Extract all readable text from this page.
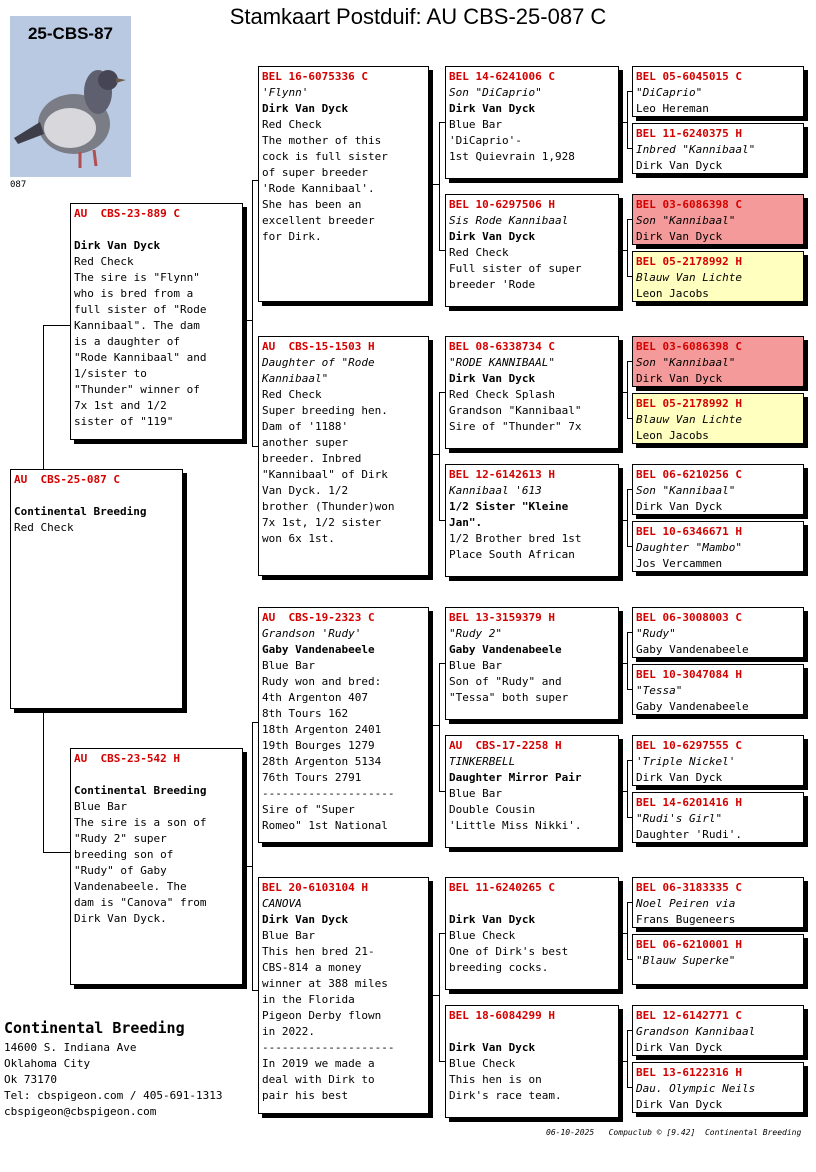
Stamkaart Postduif: AU CBS-25-087 C
25-CBS-87
087
AU  CBS-25-087 C
Continental Breeding
Red Check
AU  CBS-23-889 C
Dirk Van Dyck
Red Check
The sire is "Flynn"
who is bred from a
full sister of "Rode
Kannibaal". The dam
is a daughter of
"Rode Kannibaal" and
1/sister to
"Thunder" winner of
7x 1st and 1/2
sister of "119"
AU  CBS-23-542 H
Continental Breeding
Blue Bar
The sire is a son of
"Rudy 2" super
breeding son of
"Rudy" of Gaby
Vandenabeele. The
dam is "Canova" from
Dirk Van Dyck.
BEL 16-6075336 C
'Flynn'
Dirk Van Dyck
Red Check
The mother of this
cock is full sister
of super breeder
'Rode Kannibaal'.
She has been an
excellent breeder
for Dirk.
AU  CBS-15-1503 H
Daughter of "Rode
Kannibaal"
Red Check
Super breeding hen.
Dam of '1188'
another super
breeder. Inbred
"Kannibaal" of Dirk
Van Dyck. 1/2
brother (Thunder)won
7x 1st, 1/2 sister
won 6x 1st.
AU  CBS-19-2323 C
Grandson 'Rudy'
Gaby Vandenabeele
Blue Bar
Rudy won and bred:
4th Argenton 407
8th Tours 162
18th Argenton 2401
19th Bourges 1279
28th Argenton 5134
76th Tours 2791
--------------------
Sire of "Super
Romeo" 1st National
BEL 20-6103104 H
CANOVA
Dirk Van Dyck
Blue Bar
This hen bred 21-
CBS-814 a money
winner at 388 miles
in the Florida
Pigeon Derby flown
in 2022.
--------------------
In 2019 we made a
deal with Dirk to
pair his best
BEL 14-6241006 C
Son "DiCaprio"
Dirk Van Dyck
Blue Bar
'DiCaprio'-
1st Quievrain 1,928
BEL 10-6297506 H
Sis Rode Kannibaal
Dirk Van Dyck
Red Check
Full sister of super
breeder 'Rode
BEL 08-6338734 C
"RODE KANNIBAAL"
Dirk Van Dyck
Red Check Splash
Grandson "Kannibaal"
Sire of "Thunder" 7x
BEL 12-6142613 H
Kannibaal '613
1/2 Sister "Kleine
Jan".
1/2 Brother bred 1st
Place South African
BEL 13-3159379 H
"Rudy 2"
Gaby Vandenabeele
Blue Bar
Son of "Rudy" and
"Tessa" both super
AU  CBS-17-2258 H
TINKERBELL
Daughter Mirror Pair
Blue Bar
Double Cousin
'Little Miss Nikki'.
BEL 11-6240265 C
Dirk Van Dyck
Blue Check
One of Dirk's best
breeding cocks.
BEL 18-6084299 H
Dirk Van Dyck
Blue Check
This hen is on
Dirk's race team.
BEL 05-6045015 C
"DiCaprio"
Leo Hereman
BEL 11-6240375 H
Inbred "Kannibaal"
Dirk Van Dyck
BEL 03-6086398 C
Son "Kannibaal"
Dirk Van Dyck
BEL 05-2178992 H
Blauw Van Lichte
Leon Jacobs
BEL 03-6086398 C
Son "Kannibaal"
Dirk Van Dyck
BEL 05-2178992 H
Blauw Van Lichte
Leon Jacobs
BEL 06-6210256 C
Son "Kannibaal"
Dirk Van Dyck
BEL 10-6346671 H
Daughter "Mambo"
Jos Vercammen
BEL 06-3008003 C
"Rudy"
Gaby Vandenabeele
BEL 10-3047084 H
"Tessa"
Gaby Vandenabeele
BEL 10-6297555 C
'Triple Nickel'
Dirk Van Dyck
BEL 14-6201416 H
"Rudi's Girl"
Daughter 'Rudi'.
BEL 06-3183335 C
Noel Peiren via
Frans Bugeneers
BEL 06-6210001 H
"Blauw Superke"
BEL 12-6142771 C
Grandson Kannibaal
Dirk Van Dyck
BEL 13-6122316 H
Dau. Olympic Neils
Dirk Van Dyck
Continental Breeding
14600 S. Indiana Ave
Oklahoma City
Ok 73170
Tel: cbspigeon.com / 405-691-1313
cbspigeon@cbspigeon.com
06-10-2025   Compuclub © [9.42]  Continental Breeding
